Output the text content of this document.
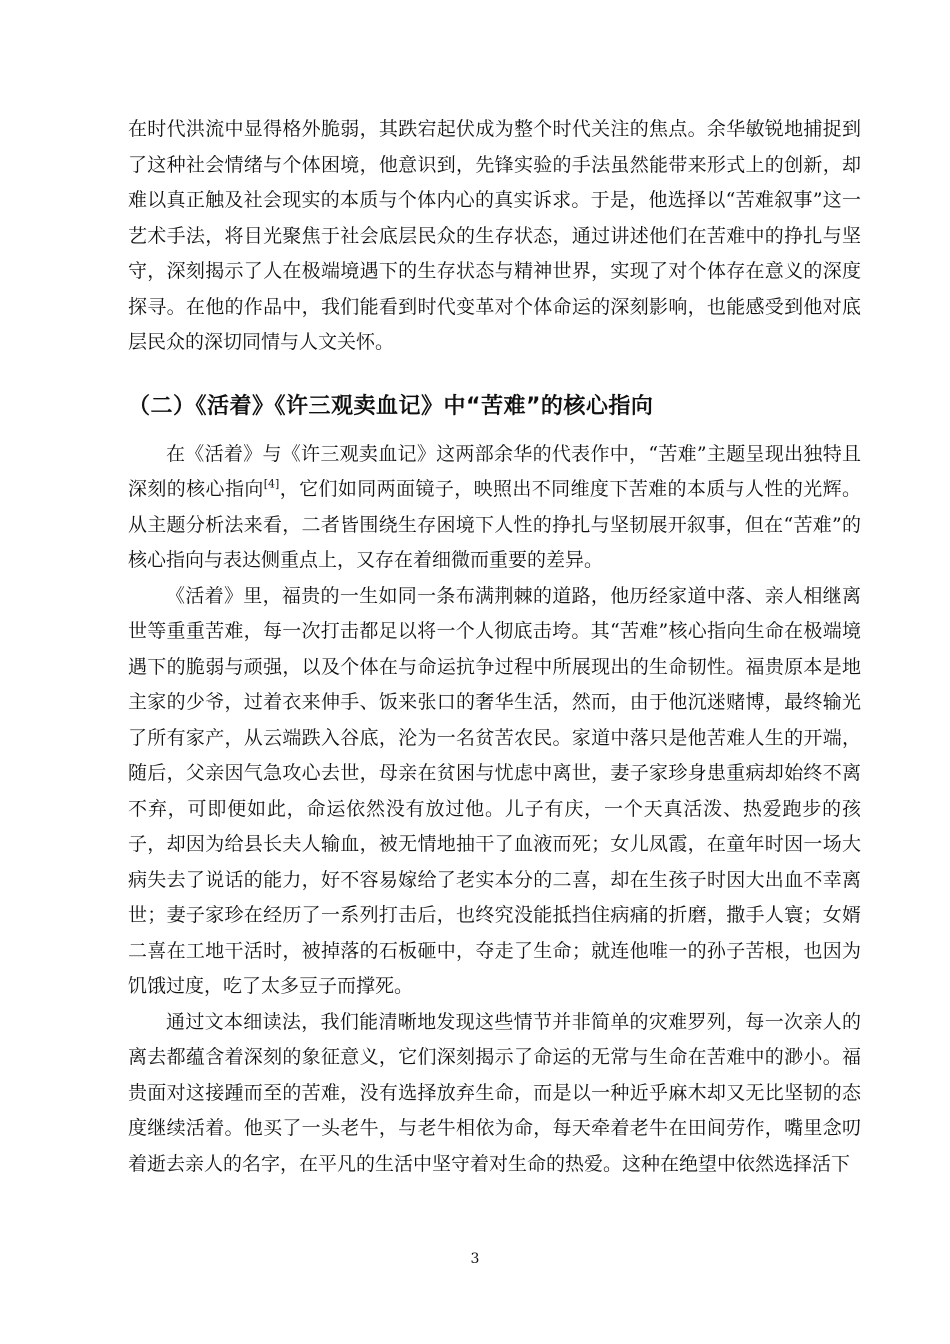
在时代洪流中显得格外脆弱，其跌宕起伏成为整个时代关注的焦点。余华敏锐地捕捉到了这种社会情绪与个体困境，他意识到，先锋实验的手法虽然能带来形式上的创新，却难以真正触及社会现实的本质与个体内心的真实诉求。于是，他选择以“苦难叙事”这一艺术手法，将目光聚焦于社会底层民众的生存状态，通过讲述他们在苦难中的挣扎与坚守，深刻揭示了人在极端境遇下的生存状态与精神世界，实现了对个体存在意义的深度探寻。在他的作品中，我们能看到时代变革对个体命运的深刻影响，也能感受到他对底层民众的深切同情与人文关怀。

（二）《活着》《许三观卖血记》中“苦难”的核心指向

在《活着》与《许三观卖血记》这两部余华的代表作中，“苦难”主题呈现出独特且深刻的核心指向[4]，它们如同两面镜子，映照出不同维度下苦难的本质与人性的光辉。从主题分析法来看，二者皆围绕生存困境下人性的挣扎与坚韧展开叙事，但在“苦难”的核心指向与表达侧重点上，又存在着细微而重要的差异。

《活着》里，福贵的一生如同一条布满荆棘的道路，他历经家道中落、亲人相继离世等重重苦难，每一次打击都足以将一个人彻底击垮。其“苦难”核心指向生命在极端境遇下的脆弱与顽强，以及个体在与命运抗争过程中所展现出的生命韧性。福贵原本是地主家的少爷，过着衣来伸手、饭来张口的奢华生活，然而，由于他沉迷赌博，最终输光了所有家产，从云端跌入谷底，沦为一名贫苦农民。家道中落只是他苦难人生的开端，随后，父亲因气急攻心去世，母亲在贫困与忧虑中离世，妻子家珍身患重病却始终不离不弃，可即便如此，命运依然没有放过他。儿子有庆，一个天真活泼、热爱跑步的孩子，却因为给县长夫人输血，被无情地抽干了血液而死；女儿凤霞，在童年时因一场大病失去了说话的能力，好不容易嫁给了老实本分的二喜，却在生孩子时因大出血不幸离世；妻子家珍在经历了一系列打击后，也终究没能抵挡住病痛的折磨，撒手人寰；女婿二喜在工地干活时，被掉落的石板砸中，夺走了生命；就连他唯一的孙子苦根，也因为饥饿过度，吃了太多豆子而撑死。

通过文本细读法，我们能清晰地发现这些情节并非简单的灾难罗列，每一次亲人的离去都蕴含着深刻的象征意义，它们深刻揭示了命运的无常与生命在苦难中的渺小。福贵面对这接踵而至的苦难，没有选择放弃生命，而是以一种近乎麻木却又无比坚韧的态度继续活着。他买了一头老牛，与老牛相依为命，每天牵着老牛在田间劳作，嘴里念叨着逝去亲人的名字，在平凡的生活中坚守着对生命的热爱。这种在绝望中依然选择活下

3
